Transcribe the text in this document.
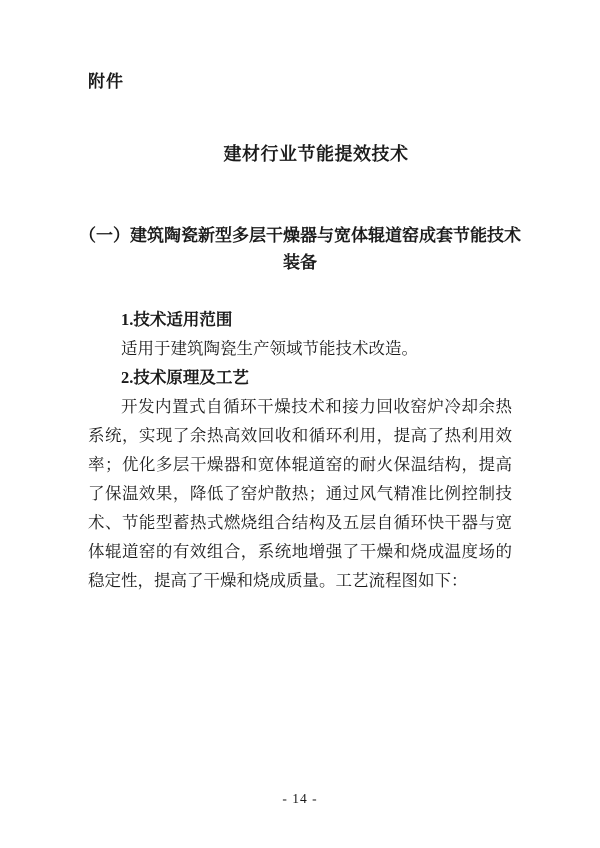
附件
建材行业节能提效技术
（一）建筑陶瓷新型多层干燥器与宽体辊道窑成套节能技术装备
1.技术适用范围

适用于建筑陶瓷生产领域节能技术改造。

2.技术原理及工艺

开发内置式自循环干燥技术和接力回收窑炉冷却余热系统，实现了余热高效回收和循环利用，提高了热利用效率；优化多层干燥器和宽体辊道窑的耐火保温结构，提高了保温效果，降低了窑炉散热；通过风气精准比例控制技术、节能型蓄热式燃烧组合结构及五层自循环快干器与宽体辊道窑的有效组合，系统地增强了干燥和烧成温度场的稳定性，提高了干燥和烧成质量。工艺流程图如下：

- 14 -
